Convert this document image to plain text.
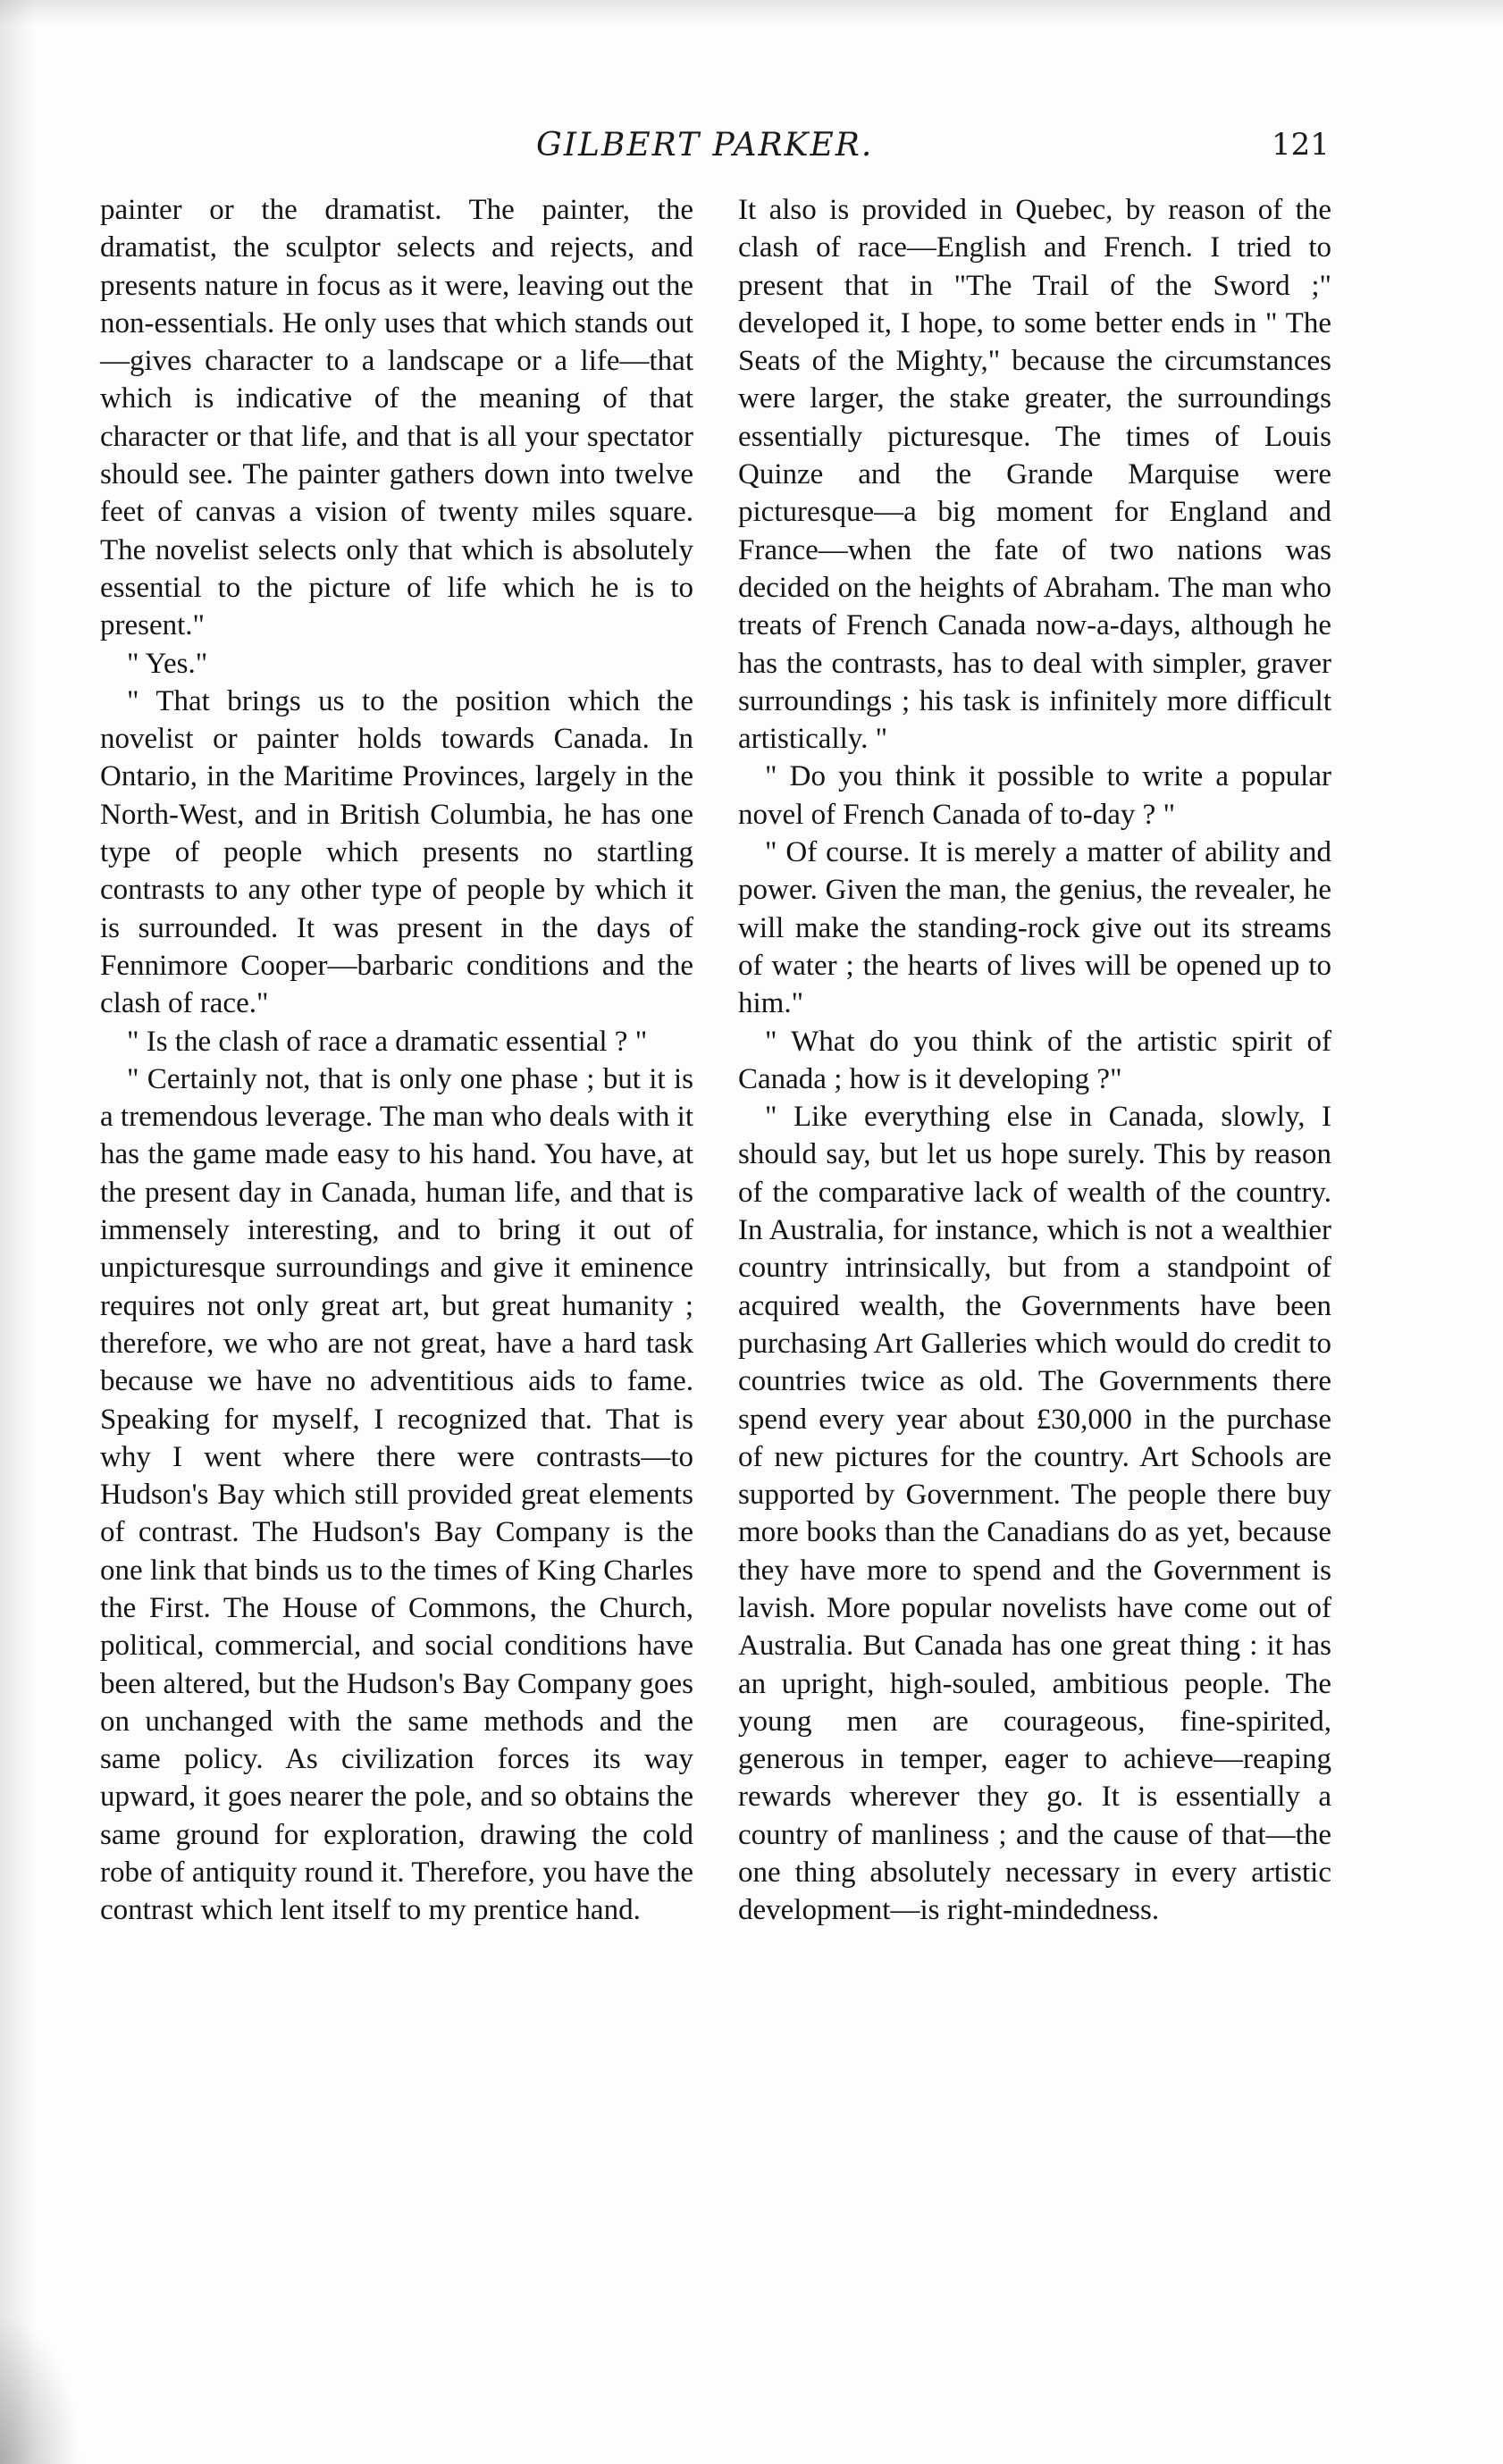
GILBERT PARKER.	121

painter or the dramatist. The painter, the dramatist, the sculptor selects and rejects, and presents nature in focus as it were, leaving out the non-essentials. He only uses that which stands out—gives character to a landscape or a life—that which is indicative of the meaning of that character or that life, and that is all your spectator should see. The painter gathers down into twelve feet of canvas a vision of twenty miles square. The novelist selects only that which is absolutely essential to the picture of life which he is to present."

" Yes."

" That brings us to the position which the novelist or painter holds towards Canada. In Ontario, in the Maritime Provinces, largely in the North-West, and in British Columbia, he has one type of people which presents no startling contrasts to any other type of people by which it is surrounded. It was present in the days of Fennimore Cooper—barbaric conditions and the clash of race."

" Is the clash of race a dramatic essential ? "

" Certainly not, that is only one phase ; but it is a tremendous leverage. The man who deals with it has the game made easy to his hand. You have, at the present day in Canada, human life, and that is immensely interesting, and to bring it out of unpicturesque surroundings and give it eminence requires not only great art, but great humanity ; therefore, we who are not great, have a hard task because we have no adventitious aids to fame. Speaking for myself, I recognized that. That is why I went where there were contrasts—to Hudson's Bay which still provided great elements of contrast. The Hudson's Bay Company is the one link that binds us to the times of King Charles the First. The House of Commons, the Church, political, commercial, and social conditions have been altered, but the Hudson's Bay Company goes on unchanged with the same methods and the same policy. As civilization forces its way upward, it goes nearer the pole, and so obtains the same ground for exploration, drawing the cold robe of antiquity round it. Therefore, you have the contrast which lent itself to my prentice hand.

It also is provided in Quebec, by reason of the clash of race—English and French. I tried to present that in "The Trail of the Sword ;" developed it, I hope, to some better ends in " The Seats of the Mighty," because the circumstances were larger, the stake greater, the surroundings essentially picturesque. The times of Louis Quinze and the Grande Marquise were picturesque—a big moment for England and France—when the fate of two nations was decided on the heights of Abraham. The man who treats of French Canada now-a-days, although he has the contrasts, has to deal with simpler, graver surroundings ; his task is infinitely more difficult artistically. "

" Do you think it possible to write a popular novel of French Canada of to-day ? "

" Of course. It is merely a matter of ability and power. Given the man, the genius, the revealer, he will make the standing-rock give out its streams of water ; the hearts of lives will be opened up to him."

" What do you think of the artistic spirit of Canada ; how is it developing ?"

" Like everything else in Canada, slowly, I should say, but let us hope surely. This by reason of the comparative lack of wealth of the country. In Australia, for instance, which is not a wealthier country intrinsically, but from a standpoint of acquired wealth, the Governments have been purchasing Art Galleries which would do credit to countries twice as old. The Governments there spend every year about £30,000 in the purchase of new pictures for the country. Art Schools are supported by Government. The people there buy more books than the Canadians do as yet, because they have more to spend and the Government is lavish. More popular novelists have come out of Australia. But Canada has one great thing : it has an upright, high-souled, ambitious people. The young men are courageous, fine-spirited, generous in temper, eager to achieve—reaping rewards wherever they go. It is essentially a country of manliness ; and the cause of that—the one thing absolutely necessary in every artistic development—is right-mindedness.
